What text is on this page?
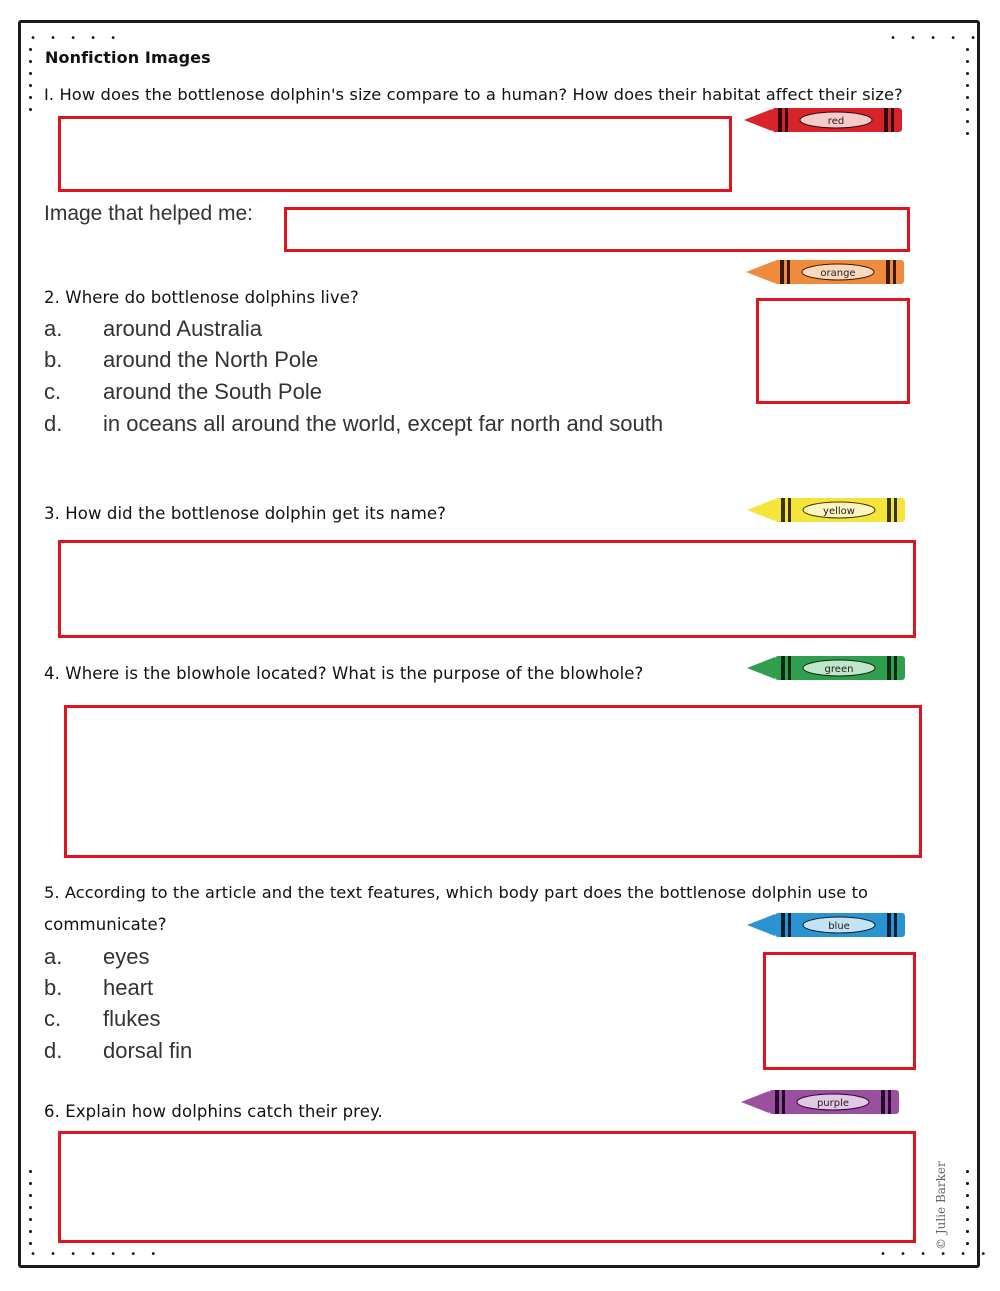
• • • • •	• • • • •
• • • • • • •	• • • • • •
Nonfiction Images
I. How does the bottlenose dolphin's size compare to a human? How does their habitat affect their size?
red
Image that helped me:
orange
2. Where do bottlenose dolphins live?
a. around Australia
b. around the North Pole
c. around the South Pole
d. in oceans all around the world, except far north and south
3. How did the bottlenose dolphin get its name?	yellow
4. Where is the blowhole located? What is the purpose of the blowhole?	green
5. According to the article and the text features, which body part does the bottlenose dolphin use to
communicate?	blue
a. eyes
b. heart
c. flukes
d. dorsal fin
purple
6. Explain how dolphins catch their prey.
© Julie Barker
